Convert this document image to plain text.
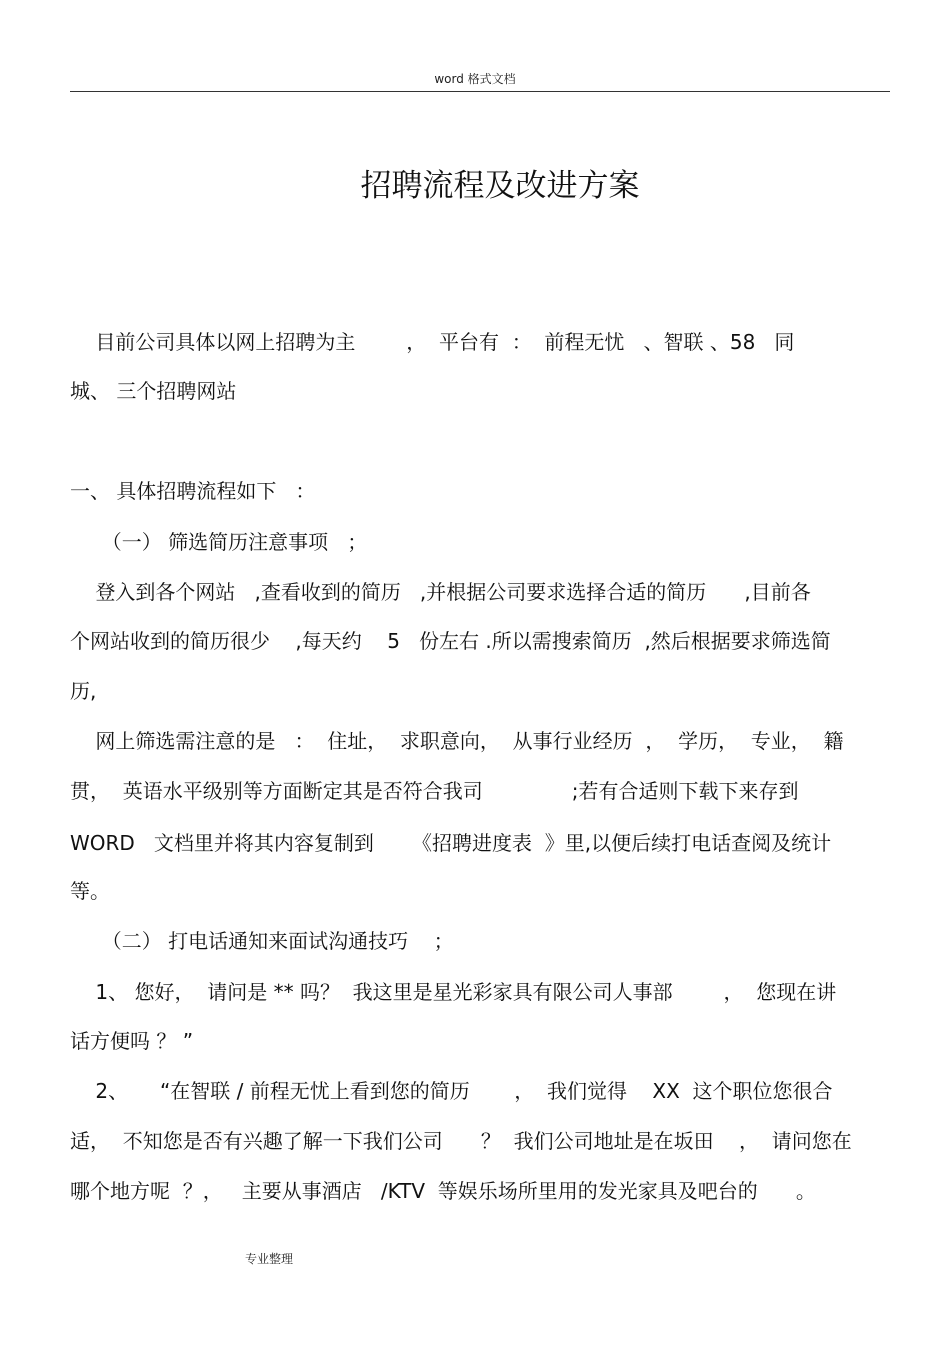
word 格式文档
招聘流程及改进方案
目前公司具体以网上招聘为主        ，  平台有  ：  前程无忧   、智联 、58   同
城、 三个招聘网站
一、 具体招聘流程如下   ：
（一） 筛选简历注意事项   ；
登入到各个网站   ,查看收到的简历   ,并根据公司要求选择合适的简历      ,目前各
个网站收到的简历很少    ,每天约    5   份左右 .所以需搜索简历  ,然后根据要求筛选简
历,
网上筛选需注意的是   ：  住址，  求职意向，  从事行业经历  ，  学历，  专业，  籍
贯，  英语水平级别等方面断定其是否符合我司              ;若有合适则下载下来存到
WORD   文档里并将其内容复制到      《招聘进度表  》里,以便后续打电话查阅及统计
等。
（二） 打电话通知来面试沟通技巧    ；
1、 您好，  请问是 ** 吗？  我这里是星光彩家具有限公司人事部        ，  您现在讲
话方便吗 ？ ”
2、     “在智联 / 前程无忧上看到您的简历       ，  我们觉得    XX  这个职位您很合
适，  不知您是否有兴趣了解一下我们公司      ？  我们公司地址是在坂田    ，  请问您在
哪个地方呢  ？，   主要从事酒店   /KTV  等娱乐场所里用的发光家具及吧台的      。
专业整理
